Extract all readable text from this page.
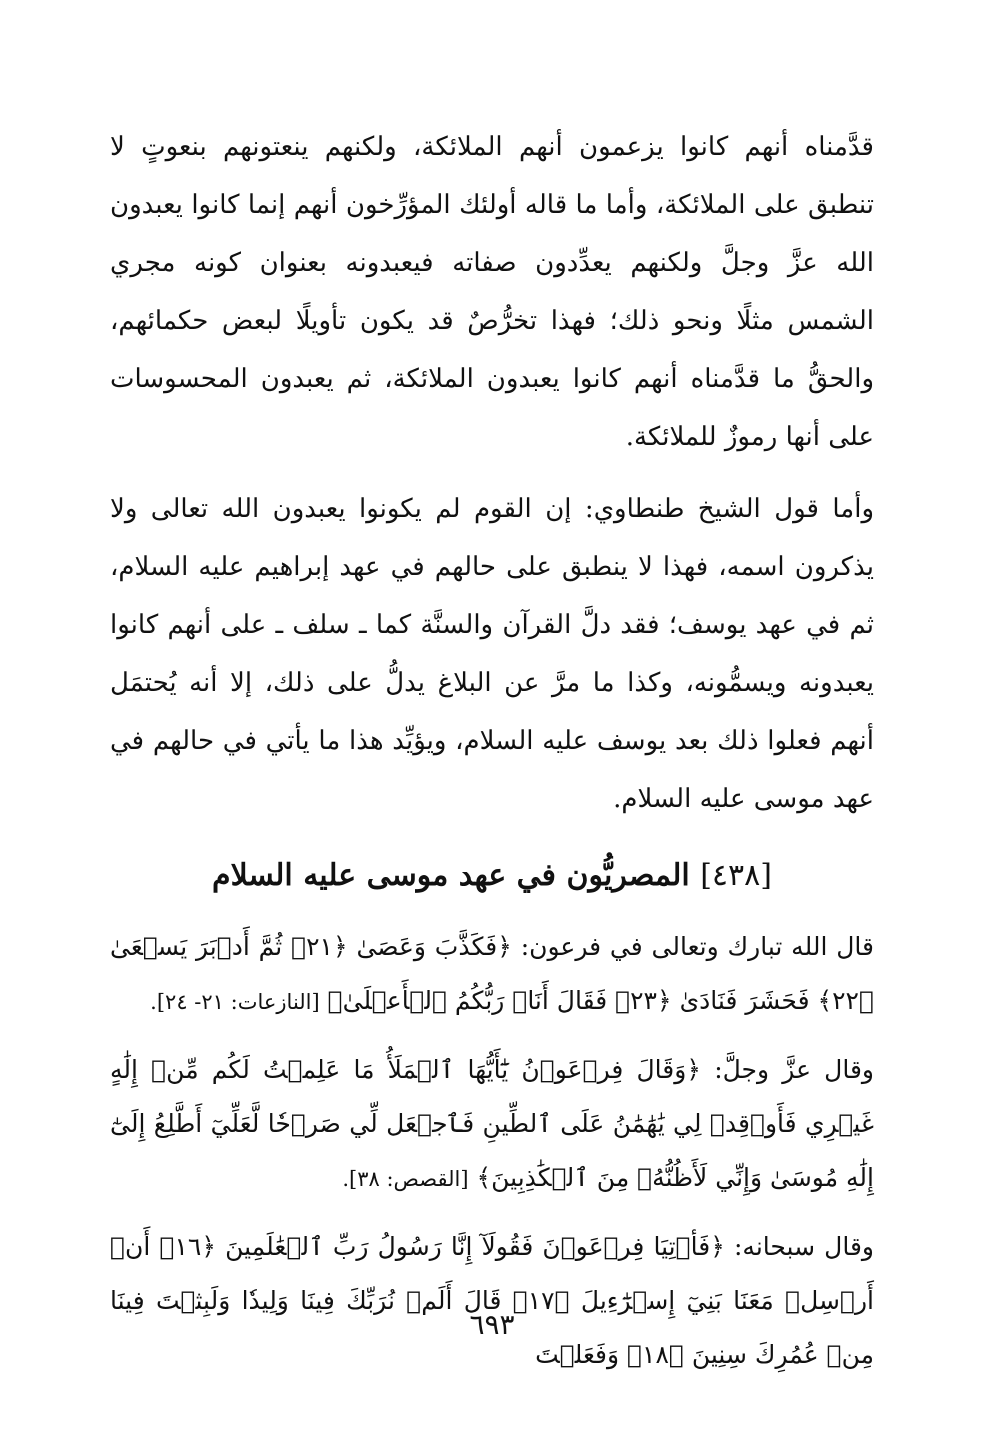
قدَّمناه أنهم كانوا يزعمون أنهم الملائكة، ولكنهم ينعتونهم بنعوتٍ لا تنطبق على الملائكة، وأما ما قاله أولئك المؤرِّخون أنهم إنما كانوا يعبدون الله عزَّ وجلَّ ولكنهم يعدِّدون صفاته فيعبدونه بعنوان كونه مجري الشمس مثلًا ونحو ذلك؛ فهذا تخرُّصٌ قد يكون تأويلًا لبعض حكمائهم، والحقُّ ما قدَّمناه أنهم كانوا يعبدون الملائكة، ثم يعبدون المحسوسات على أنها رموزٌ للملائكة.

وأما قول الشيخ طنطاوي: إن القوم لم يكونوا يعبدون الله تعالى ولا يذكرون اسمه، فهذا لا ينطبق على حالهم في عهد إبراهيم عليه السلام، ثم في عهد يوسف؛ فقد دلَّ القرآن والسنَّة كما ـ سلف ـ على أنهم كانوا يعبدونه ويسمُّونه، وكذا ما مرَّ عن البلاغ يدلُّ على ذلك، إلا أنه يُحتمَل أنهم فعلوا ذلك بعد يوسف عليه السلام، ويؤيِّد هذا ما يأتي في حالهم في عهد موسى عليه السلام.

[٤٣٨] المصريُّون في عهد موسى عليه السلام

قال الله تبارك وتعالى في فرعون: ﴿فَكَذَّبَ وَعَصَىٰ ﴿٢١﴾ ثُمَّ أَدۡبَرَ يَسۡعَىٰ ﴿٢٢﴾ فَحَشَرَ فَنَادَىٰ ﴿٢٣﴾ فَقَالَ أَنَا۠ رَبُّكُمُ ٱلۡأَعۡلَىٰ﴾ [النازعات: ٢١- ٢٤].

وقال عزَّ وجلَّ: ﴿وَقَالَ فِرۡعَوۡنُ يَٰٓأَيُّهَا ٱلۡمَلَأُ مَا عَلِمۡتُ لَكُم مِّنۡ إِلَٰهٍ غَيۡرِي فَأَوۡقِدۡ لِي يَٰهَٰمَٰنُ عَلَى ٱلطِّينِ فَٱجۡعَل لِّي صَرۡحٗا لَّعَلِّيٓ أَطَّلِعُ إِلَىٰٓ إِلَٰهِ مُوسَىٰ وَإِنِّي لَأَظُنُّهُۥ مِنَ ٱلۡكَٰذِبِينَ﴾ [القصص: ٣٨].

وقال سبحانه: ﴿فَأۡتِيَا فِرۡعَوۡنَ فَقُولَآ إِنَّا رَسُولُ رَبِّ ٱلۡعَٰلَمِينَ ﴿١٦﴾ أَنۡ أَرۡسِلۡ مَعَنَا بَنِيٓ إِسۡرَٰٓءِيلَ ﴿١٧﴾ قَالَ أَلَمۡ نُرَبِّكَ فِينَا وَلِيدٗا وَلَبِثۡتَ فِينَا مِنۡ عُمُرِكَ سِنِينَ ﴿١٨﴾ وَفَعَلۡتَ

٦٩٣
